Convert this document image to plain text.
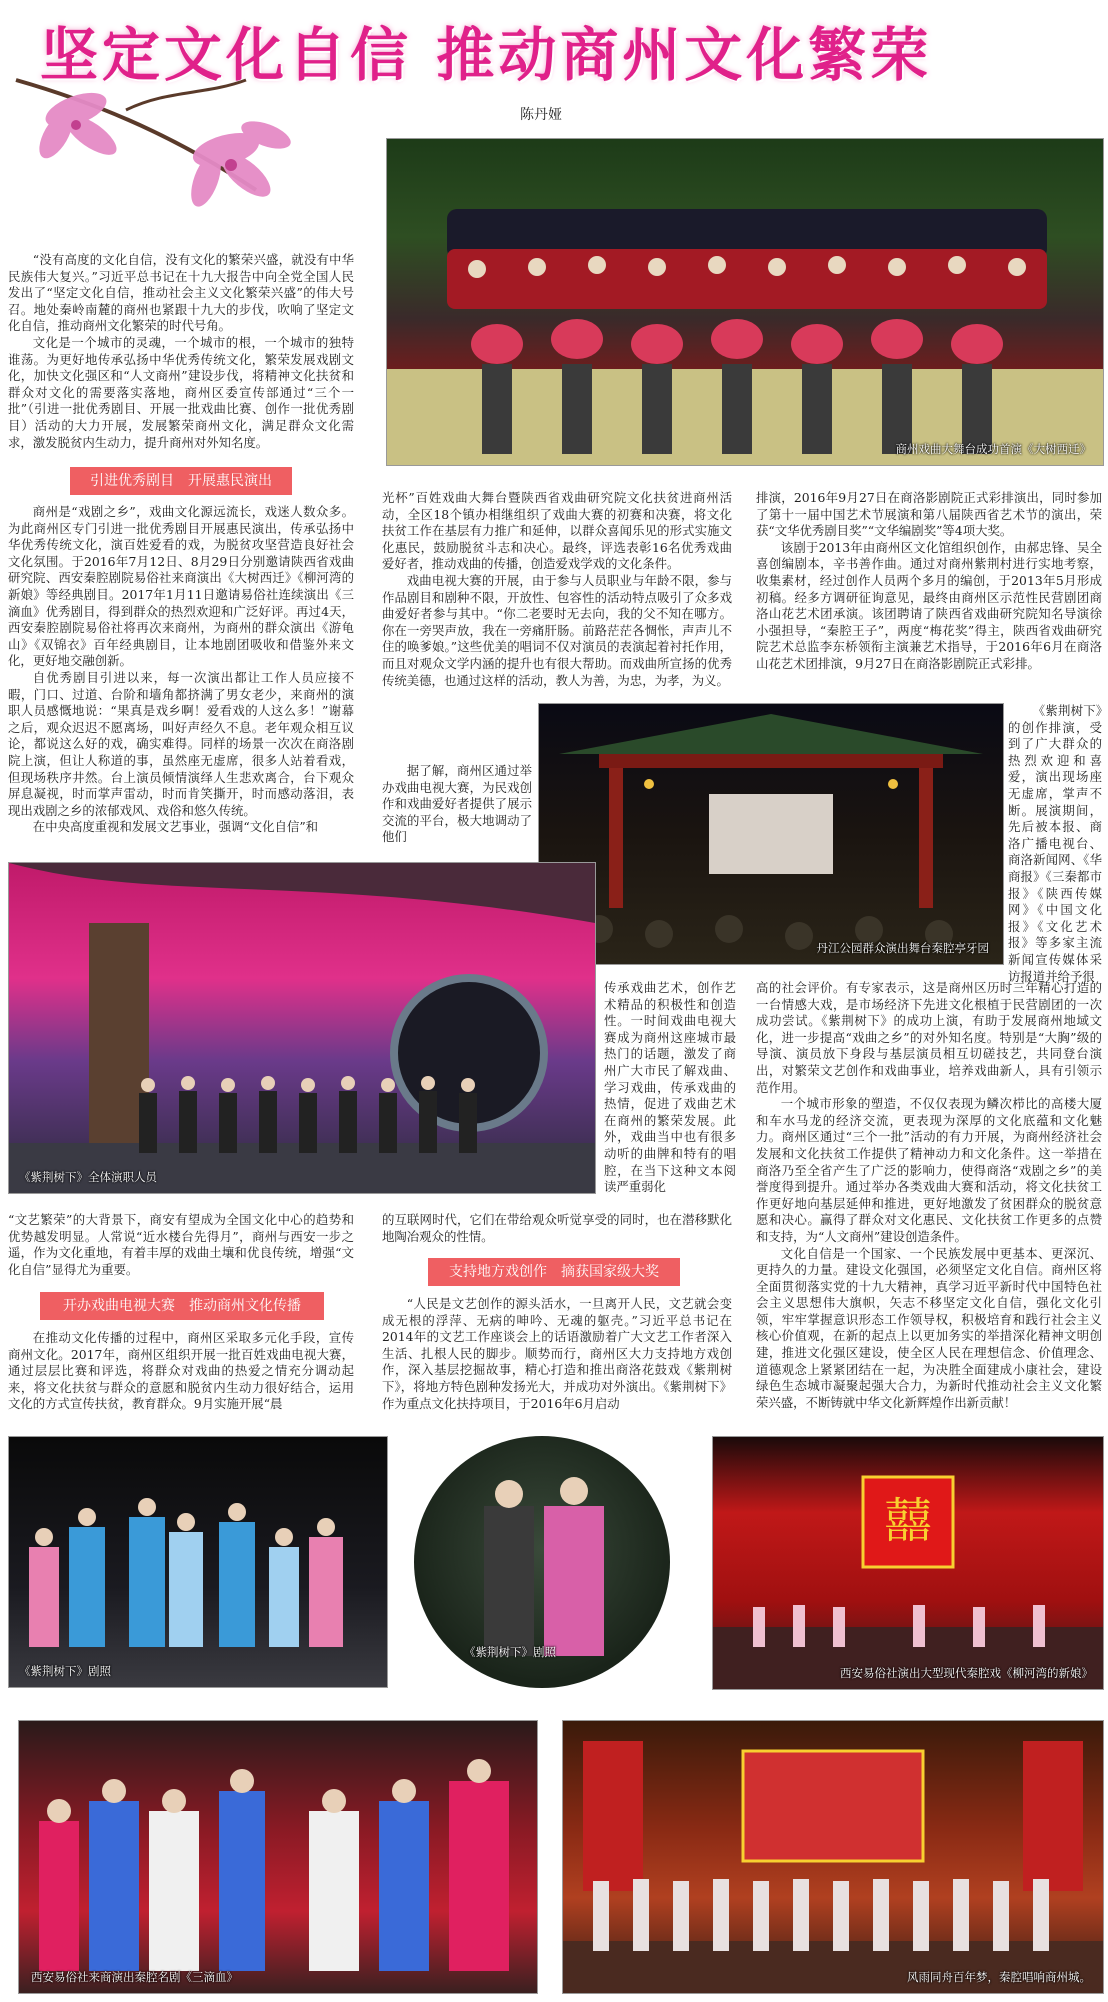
坚定文化自信 推动商州文化繁荣
陈丹娅
商州戏曲大舞台成功首演《大树西迁》

“没有高度的文化自信，没有文化的繁荣兴盛，就没有中华民族伟大复兴。”习近平总书记在十九大报告中向全党全国人民发出了“坚定文化自信，推动社会主义文化繁荣兴盛”的伟大号召。地处秦岭南麓的商州也紧跟十九大的步伐，吹响了坚定文化自信，推动商州文化繁荣的时代号角。

文化是一个城市的灵魂，一个城市的根，一个城市的独特谁荡。为更好地传承弘扬中华优秀传统文化，繁荣发展戏剧文化，加快文化强区和“人文商州”建设步伐，将精神文化扶贫和群众对文化的需要落实落地，商州区委宣传部通过“三个一批”（引进一批优秀剧目、开展一批戏曲比赛、创作一批优秀剧目）活动的大力开展，发展繁荣商州文化，满足群众文化需求，激发脱贫内生动力，提升商州对外知名度。

引进优秀剧目　开展惠民演出

商州是“戏剧之乡”，戏曲文化源远流长，戏迷人数众多。为此商州区专门引进一批优秀剧目开展惠民演出，传承弘扬中华优秀传统文化，演百姓爱看的戏，为脱贫攻坚营造良好社会文化氛围。于2016年7月12日、8月29日分别邀请陕西省戏曲研究院、西安秦腔剧院易俗社来商演出《大树西迁》《柳河湾的新娘》等经典剧目。2017年1月11日邀请易俗社连续演出《三滴血》优秀剧目，得到群众的热烈欢迎和广泛好评。再过4天，西安秦腔剧院易俗社将再次来商州，为商州的群众演出《游龟山》《双锦衣》百年经典剧目，让本地剧团吸收和借鉴外来文化，更好地交融创新。

自优秀剧目引进以来，每一次演出都让工作人员应接不暇，门口、过道、台阶和墙角都挤满了男女老少，来商州的演职人员感慨地说：“果真是戏乡啊！爱看戏的人这么多！”谢幕之后，观众迟迟不愿离场，叫好声经久不息。老年观众相互议论，都说这么好的戏，确实难得。同样的场景一次次在商洛剧院上演，但让人称道的事，虽然座无虚席，很多人站着看戏，但现场秩序井然。台上演员倾情演绎人生悲欢离合，台下观众屏息凝视，时而掌声雷动，时而肯笑撕开，时而感动落泪，表现出戏剧之乡的浓郁戏风、戏俗和悠久传统。

在中央高度重视和发展文艺事业，强调“文化自信”和

光杯”百姓戏曲大舞台暨陕西省戏曲研究院文化扶贫进商州活动，全区18个镇办相继组织了戏曲大赛的初赛和决赛，将文化扶贫工作在基层有力推广和延伸，以群众喜闻乐见的形式实施文化惠民，鼓励脱贫斗志和决心。最终，评选表彰16名优秀戏曲爱好者，推动戏曲的传播，创造爱戏学戏的文化条件。

戏曲电视大赛的开展，由于参与人员职业与年龄不限，参与作品剧目和剧种不限，开放性、包容性的活动特点吸引了众多戏曲爱好者参与其中。“你二老要时无去向，我的父不知在哪方。你在一旁哭声放，我在一旁痛肝肠。前路茫茫各惆怅，声声儿不住的唤爹娘。”这些优美的唱词不仅对演员的表演起着衬托作用，而且对观众文学内涵的提升也有很大帮助。而戏曲所宣扬的优秀传统美德，也通过这样的活动，教人为善，为忠，为孝，为义。

据了解，商州区通过举办戏曲电视大赛，为民戏创作和戏曲爱好者提供了展示交流的平台，极大地调动了他们

排演，2016年9月27日在商洛影剧院正式彩排演出，同时参加了第十一届中国艺术节展演和第八届陕西省艺术节的演出，荣获“文华优秀剧目奖”“文华编剧奖”等4项大奖。

该剧于2013年由商州区文化馆组织创作，由郝忠锋、吴全喜创编剧本，辛书善作曲。通过对商州紫荆村进行实地考察，收集素材，经过创作人员两个多月的编创，于2013年5月形成初稿。经多方调研征询意见，最终由商州区示范性民营剧团商洛山花艺术团承演。该团聘请了陕西省戏曲研究院知名导演徐小强担导，“秦腔王子”，两度“梅花奖”得主，陕西省戏曲研究院艺术总监李东桥领衔主演兼艺术指导，于2016年6月在商洛山花艺术团排演，9月27日在商洛影剧院正式彩排。

丹江公园群众演出舞台秦腔亭牙园

《紫荆树下》的创作排演，受到了广大群众的热烈欢迎和喜爱，演出现场座无虚席，掌声不断。展演期间，先后被本报、商洛广播电视台、商洛新闻网、《华商报》《三秦都市报》《陕西传媒网》《中国文化报》《文化艺术报》等多家主流新闻宣传媒体采访报道并给予很

《紫荆树下》全体演职人员

传承戏曲艺术，创作艺术精品的积极性和创造性。一时间戏曲电视大赛成为商州这座城市最热门的话题，激发了商州广大市民了解戏曲、学习戏曲，传承戏曲的热情，促进了戏曲艺术在商州的繁荣发展。此外，戏曲当中也有很多动听的曲牌和特有的唱腔，在当下这种文本阅读严重弱化

高的社会评价。有专家表示，这是商州区历时三年精心打造的一台情感大戏，是市场经济下先进文化根植于民营剧团的一次成功尝试。《紫荆树下》的成功上演，有助于发展商州地域文化，进一步提高“戏曲之乡”的对外知名度。特别是“大胸”级的导演、演员放下身段与基层演员相互切磋技艺，共同登台演出，对繁荣文艺创作和戏曲事业，培养戏曲新人，具有引领示范作用。

一个城市形象的塑造，不仅仅表现为鳞次栉比的高楼大厦和车水马龙的经济交流，更表现为深厚的文化底蕴和文化魅力。商州区通过“三个一批”活动的有力开展，为商州经济社会发展和文化扶贫工作提供了精神动力和文化条件。这一举措在商洛乃至全省产生了广泛的影响力，使得商洛“戏剧之乡”的美誉度得到提升。通过举办各类戏曲大赛和活动，将文化扶贫工作更好地向基层延伸和推进，更好地激发了贫困群众的脱贫意愿和决心。赢得了群众对文化惠民、文化扶贫工作更多的点赞和支持，为“人文商州”建设创造条件。

文化自信是一个国家、一个民族发展中更基本、更深沉、更持久的力量。建设文化强国，必须坚定文化自信。商州区将全面贯彻落实党的十九大精神，真学习近平新时代中国特色社会主义思想伟大旗帜，矢志不移坚定文化自信，强化文化引领，牢牢掌握意识形态工作领导权，积极培育和践行社会主义核心价值观，在新的起点上以更加务实的举措深化精神文明创建，推进文化强区建设，使全区人民在理想信念、价值理念、道德观念上紧紧团结在一起，为决胜全面建成小康社会，建设绿色生态城市凝聚起强大合力，为新时代推动社会主义文化繁荣兴盛，不断铸就中华文化新辉煌作出新贡献！

“文艺繁荣”的大背景下，商安有望成为全国文化中心的趋势和优势越发明显。人常说“近水楼台先得月”，商州与西安一步之遥，作为文化重地，有着丰厚的戏曲土壤和优良传统，增强“文化自信”显得尤为重要。

开办戏曲电视大赛　推动商州文化传播

在推动文化传播的过程中，商州区采取多元化手段，宣传商州文化。2017年，商州区组织开展一批百姓戏曲电视大赛，通过层层比赛和评选，将群众对戏曲的热爱之情充分调动起来，将文化扶贫与群众的意愿和脱贫内生动力很好结合，运用文化的方式宣传扶贫，教育群众。9月实施开展“晨

的互联网时代，它们在带给观众听觉享受的同时，也在潜移默化地陶冶观众的性情。

支持地方戏创作　摘获国家级大奖

“人民是文艺创作的源头活水，一旦离开人民，文艺就会变成无根的浮萍、无病的呻吟、无魂的躯壳。”习近平总书记在2014年的文艺工作座谈会上的话语激励着广大文艺工作者深入生活、扎根人民的脚步。顺势而行，商州区大力支持地方戏创作，深入基层挖掘故事，精心打造和推出商洛花鼓戏《紫荆树下》，将地方特色剧种发扬光大，并成功对外演出。《紫荆树下》作为重点文化扶持项目，于2016年6月启动

《紫荆树下》剧照
《紫荆树下》剧照
囍
西安易俗社演出大型现代秦腔戏《柳河湾的新娘》
西安易俗社来商演出秦腔名剧《三滴血》	风雨同舟百年梦，秦腔唱响商州城。
